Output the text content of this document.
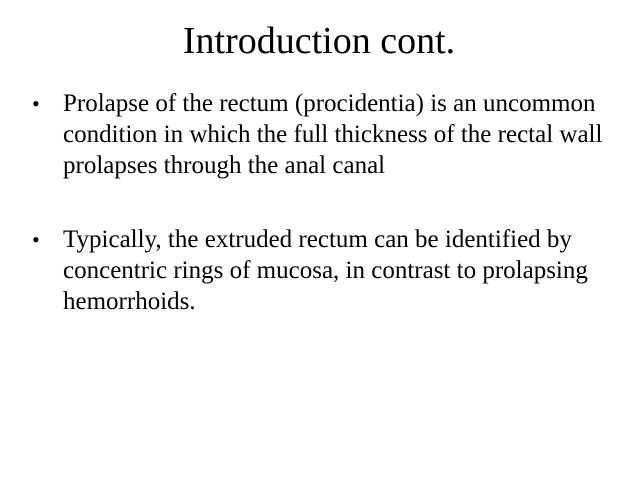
Introduction cont.
• Prolapse of the rectum (procidentia) is an uncommon condition in which the full thickness of the rectal wall prolapses through the anal canal
• Typically, the extruded rectum can be identified by concentric rings of mucosa, in contrast to prolapsing hemorrhoids.
